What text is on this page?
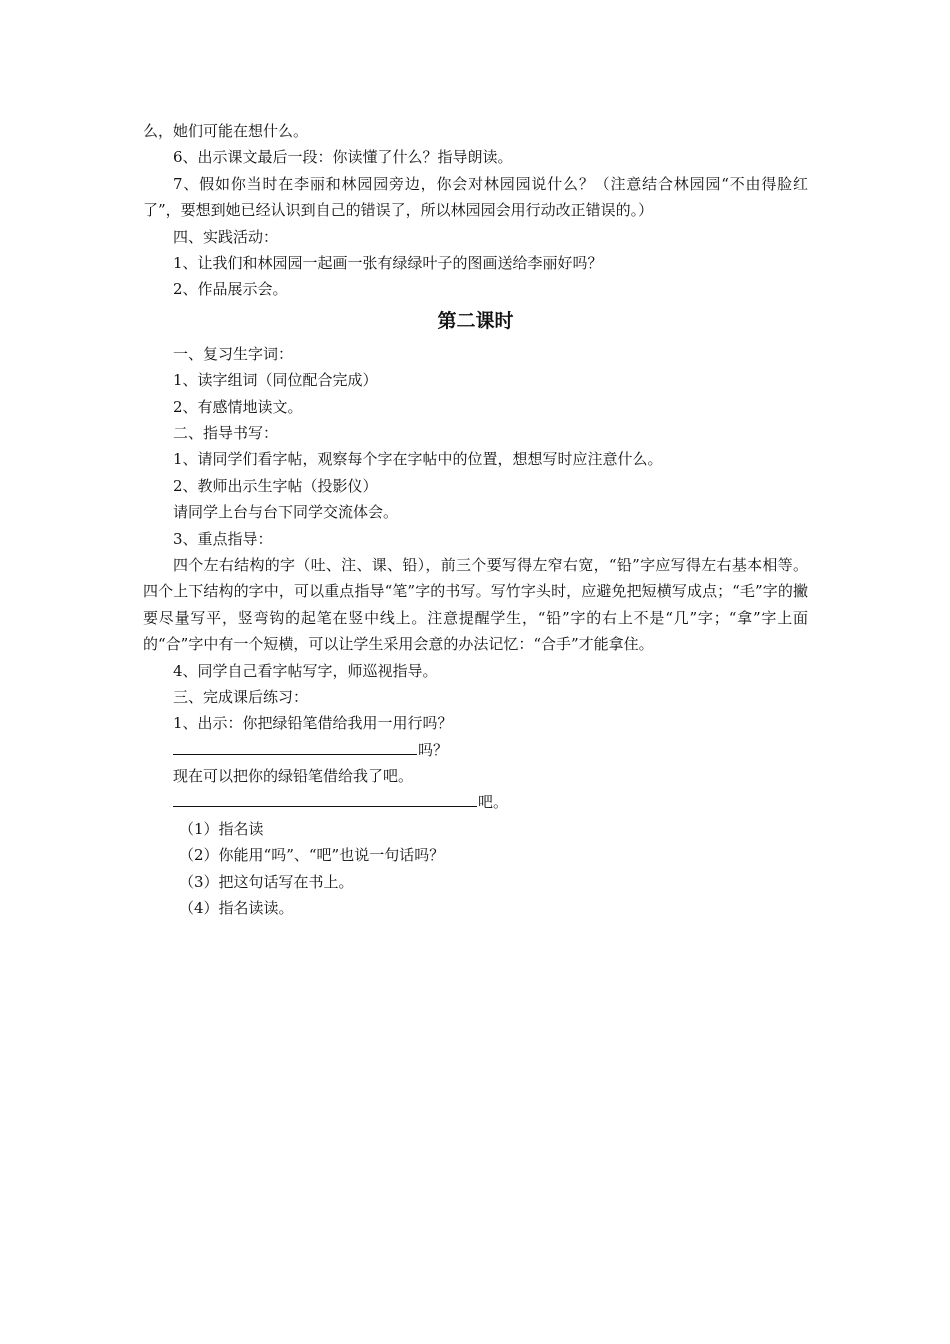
么，她们可能在想什么。
6、出示课文最后一段：你读懂了什么？指导朗读。
7、假如你当时在李丽和林园园旁边，你会对林园园说什么？（注意结合林园园“不由得脸红了”，要想到她已经认识到自己的错误了，所以林园园会用行动改正错误的。）
四、实践活动：
1、让我们和林园园一起画一张有绿绿叶子的图画送给李丽好吗？
2、作品展示会。
第二课时
一、复习生字词：
1、读字组词（同位配合完成）
2、有感情地读文。
二、指导书写：
1、请同学们看字帖，观察每个字在字帖中的位置，想想写时应注意什么。
2、教师出示生字帖（投影仪）
请同学上台与台下同学交流体会。
3、重点指导：
四个左右结构的字（吐、注、课、铅），前三个要写得左窄右宽，“铅”字应写得左右基本相等。四个上下结构的字中，可以重点指导“笔”字的书写。写竹字头时，应避免把短横写成点；“毛”字的撇要尽量写平，竖弯钩的起笔在竖中线上。注意提醒学生，“铅”字的右上不是“几”字；“拿”字上面的“合”字中有一个短横，可以让学生采用会意的办法记忆：“合手”才能拿住。
4、同学自己看字帖写字，师巡视指导。
三、完成课后练习：
1、出示：你把绿铅笔借给我用一用行吗？
吗？
现在可以把你的绿铅笔借给我了吧。
吧。
（1）指名读
（2）你能用“吗”、“吧”也说一句话吗？
（3）把这句话写在书上。
（4）指名读读。
